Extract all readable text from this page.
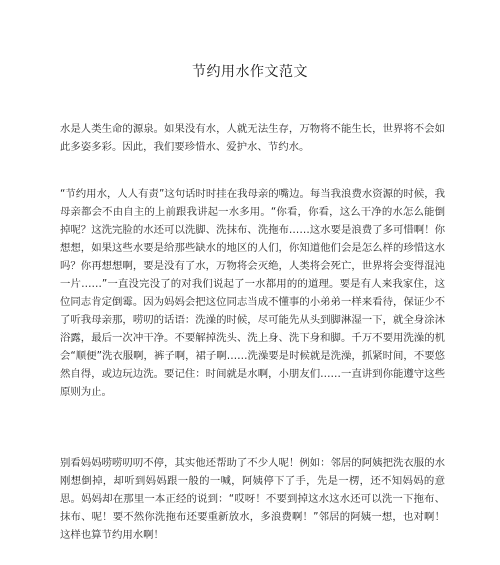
节约用水作文范文

水是人类生命的源泉。如果没有水，人就无法生存，万物将不能生长，世界将不会如此多姿多彩。因此，我们要珍惜水、爱护水、节约水。

“节约用水，人人有责”这句话时时挂在我母亲的嘴边。每当我浪费水资源的时候，我母亲都会不由自主的上前跟我讲起一水多用。“你看，你看，这么干净的水怎么能倒掉呢？这洗完脸的水还可以洗脚、洗抹布、洗拖布……这水要是浪费了多可惜啊！你想想，如果这些水要是给那些缺水的地区的人们，你知道他们会是怎么样的珍惜这水吗？你再想想啊，要是没有了水，万物将会灭绝，人类将会死亡，世界将会变得混沌一片……”一直没完没了的对我们说起了一水都用的的道理。要是有人来我家住，这位同志肯定倒霉。因为妈妈会把这位同志当成不懂事的小弟弟一样来看待，保证少不了听我母亲那，唠叨的话语：洗澡的时候，尽可能先从头到脚淋湿一下，就全身涂沐浴露，最后一次冲干净。不要解掉洗头、洗上身、洗下身和脚。千万不要用洗澡的机会“顺便”洗衣服啊，裤子啊，裙子啊……洗澡要是时候就是洗澡，抓紧时间，不要悠然自得，或边玩边洗。要记住：时间就是水啊，小朋友们……一直讲到你能遵守这些原则为止。

别看妈妈唠唠叨叨不停，其实他还帮助了不少人呢！例如：邻居的阿姨把洗衣服的水刚想倒掉，却听到妈妈跟一般的一喊，阿姨停下了手，先是一楞，还不知妈妈的意思。妈妈却在那里一本正经的说到：“哎呀！不要到掉这水这水还可以洗一下拖布、抹布、呢！要不然你洗拖布还要重新放水，多浪费啊！”邻居的阿姨一想，也对啊！这样也算节约用水啊！
